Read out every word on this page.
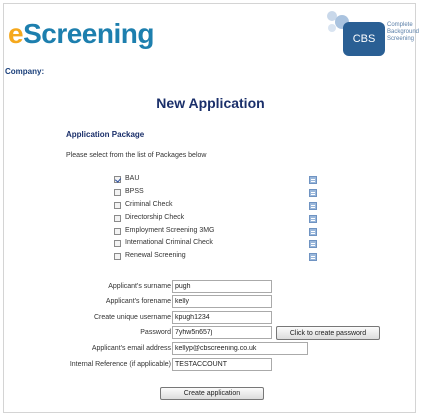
eScreening	CBS
Complete
Background
Screening
Company:
New Application
Application Package
Please select from the list of Packages below
BAU
BPSS
Criminal Check
Directorship Check
Employment Screening 3MG
International Criminal Check
Renewal Screening
Applicant's surname
pugh
Applicant's forename
kelly
Create unique username
kpugh1234
Password
7yhw5n657j	Click to create password
Applicant's email address
kellyp@cbscreening.co.uk
Internal Reference (if applicable)
TESTACCOUNT
Create application
